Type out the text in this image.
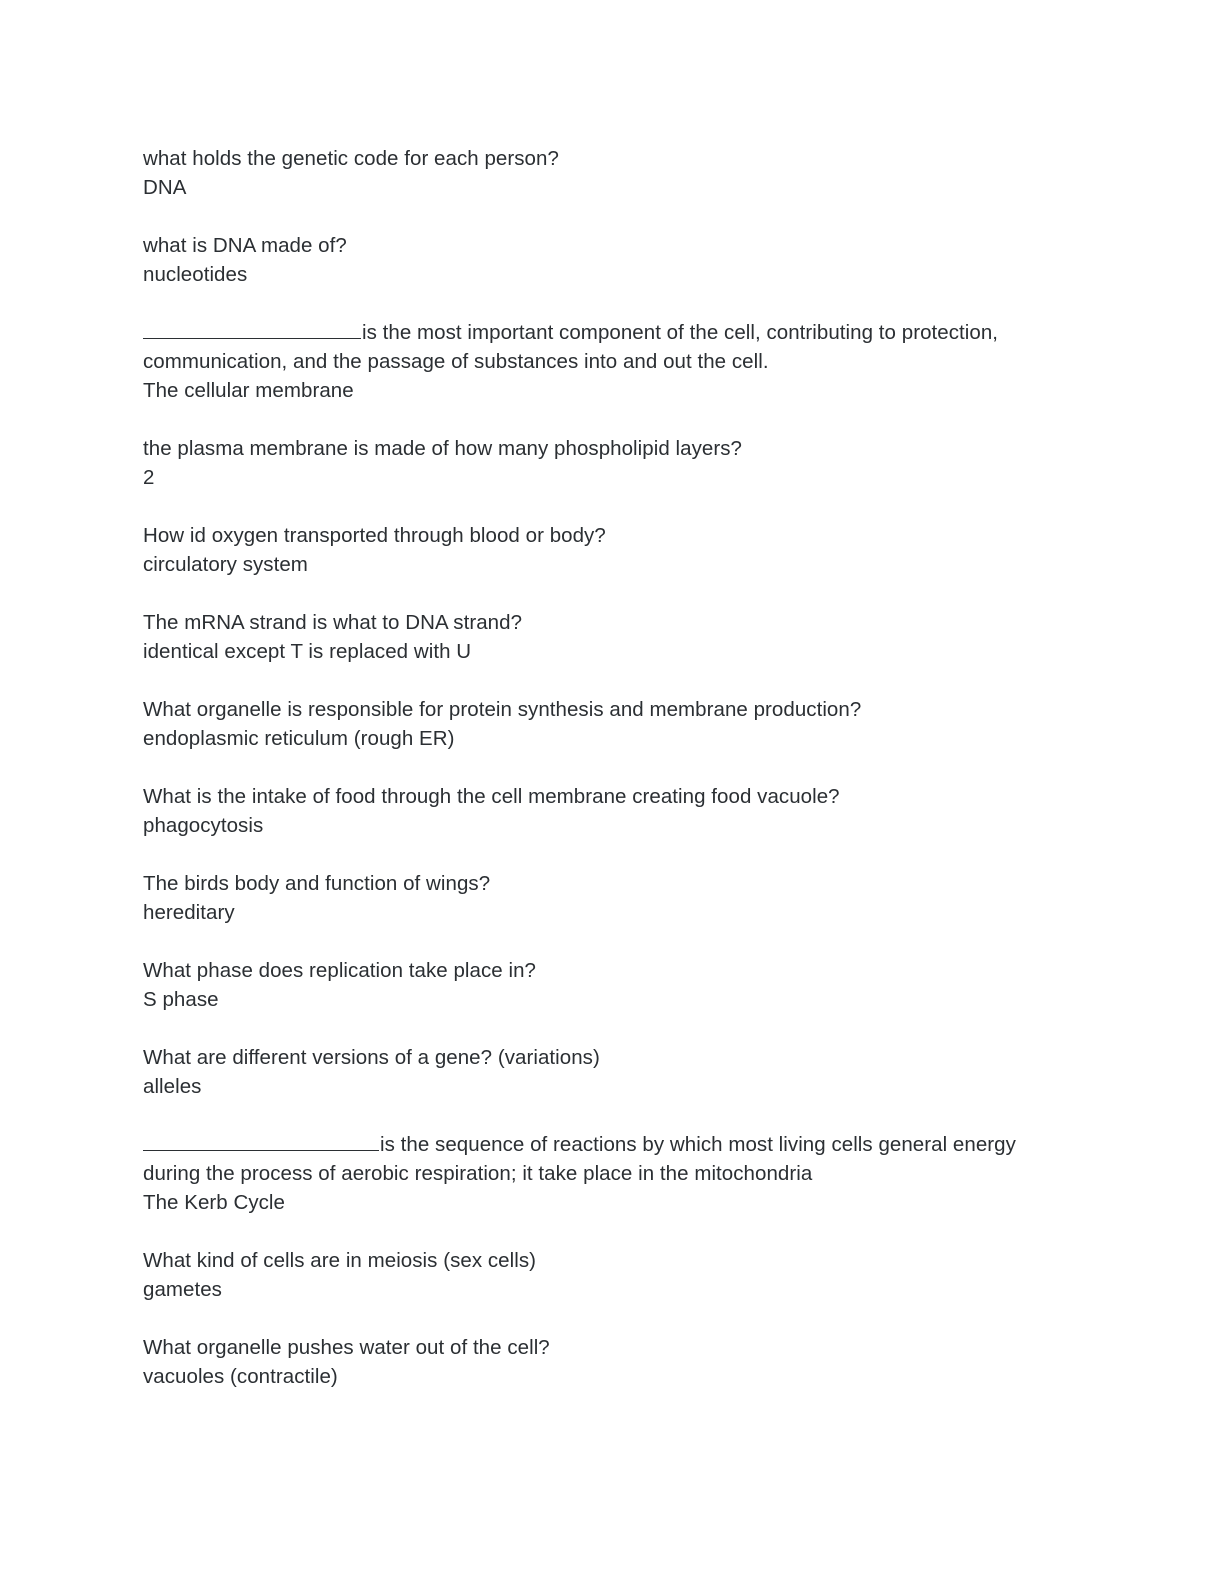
what holds the genetic code for each person?
DNA
what is DNA made of?
nucleotides
is the most important component of the cell, contributing to protection,
communication, and the passage of substances into and out the cell.
The cellular membrane
the plasma membrane is made of how many phospholipid layers?
2
How id oxygen transported through blood or body?
circulatory system
The mRNA strand is what to DNA strand?
identical except T is replaced with U
What organelle is responsible for protein synthesis and membrane production?
endoplasmic reticulum (rough ER)
What is the intake of food through the cell membrane creating food vacuole?
phagocytosis
The birds body and function of wings?
hereditary
What phase does replication take place in?
S phase
What are different versions of a gene? (variations)
alleles
is the sequence of reactions by which most living cells general energy
during the process of aerobic respiration; it take place in the mitochondria
The Kerb Cycle
What kind of cells are in meiosis (sex cells)
gametes
What organelle pushes water out of the cell?
vacuoles (contractile)
